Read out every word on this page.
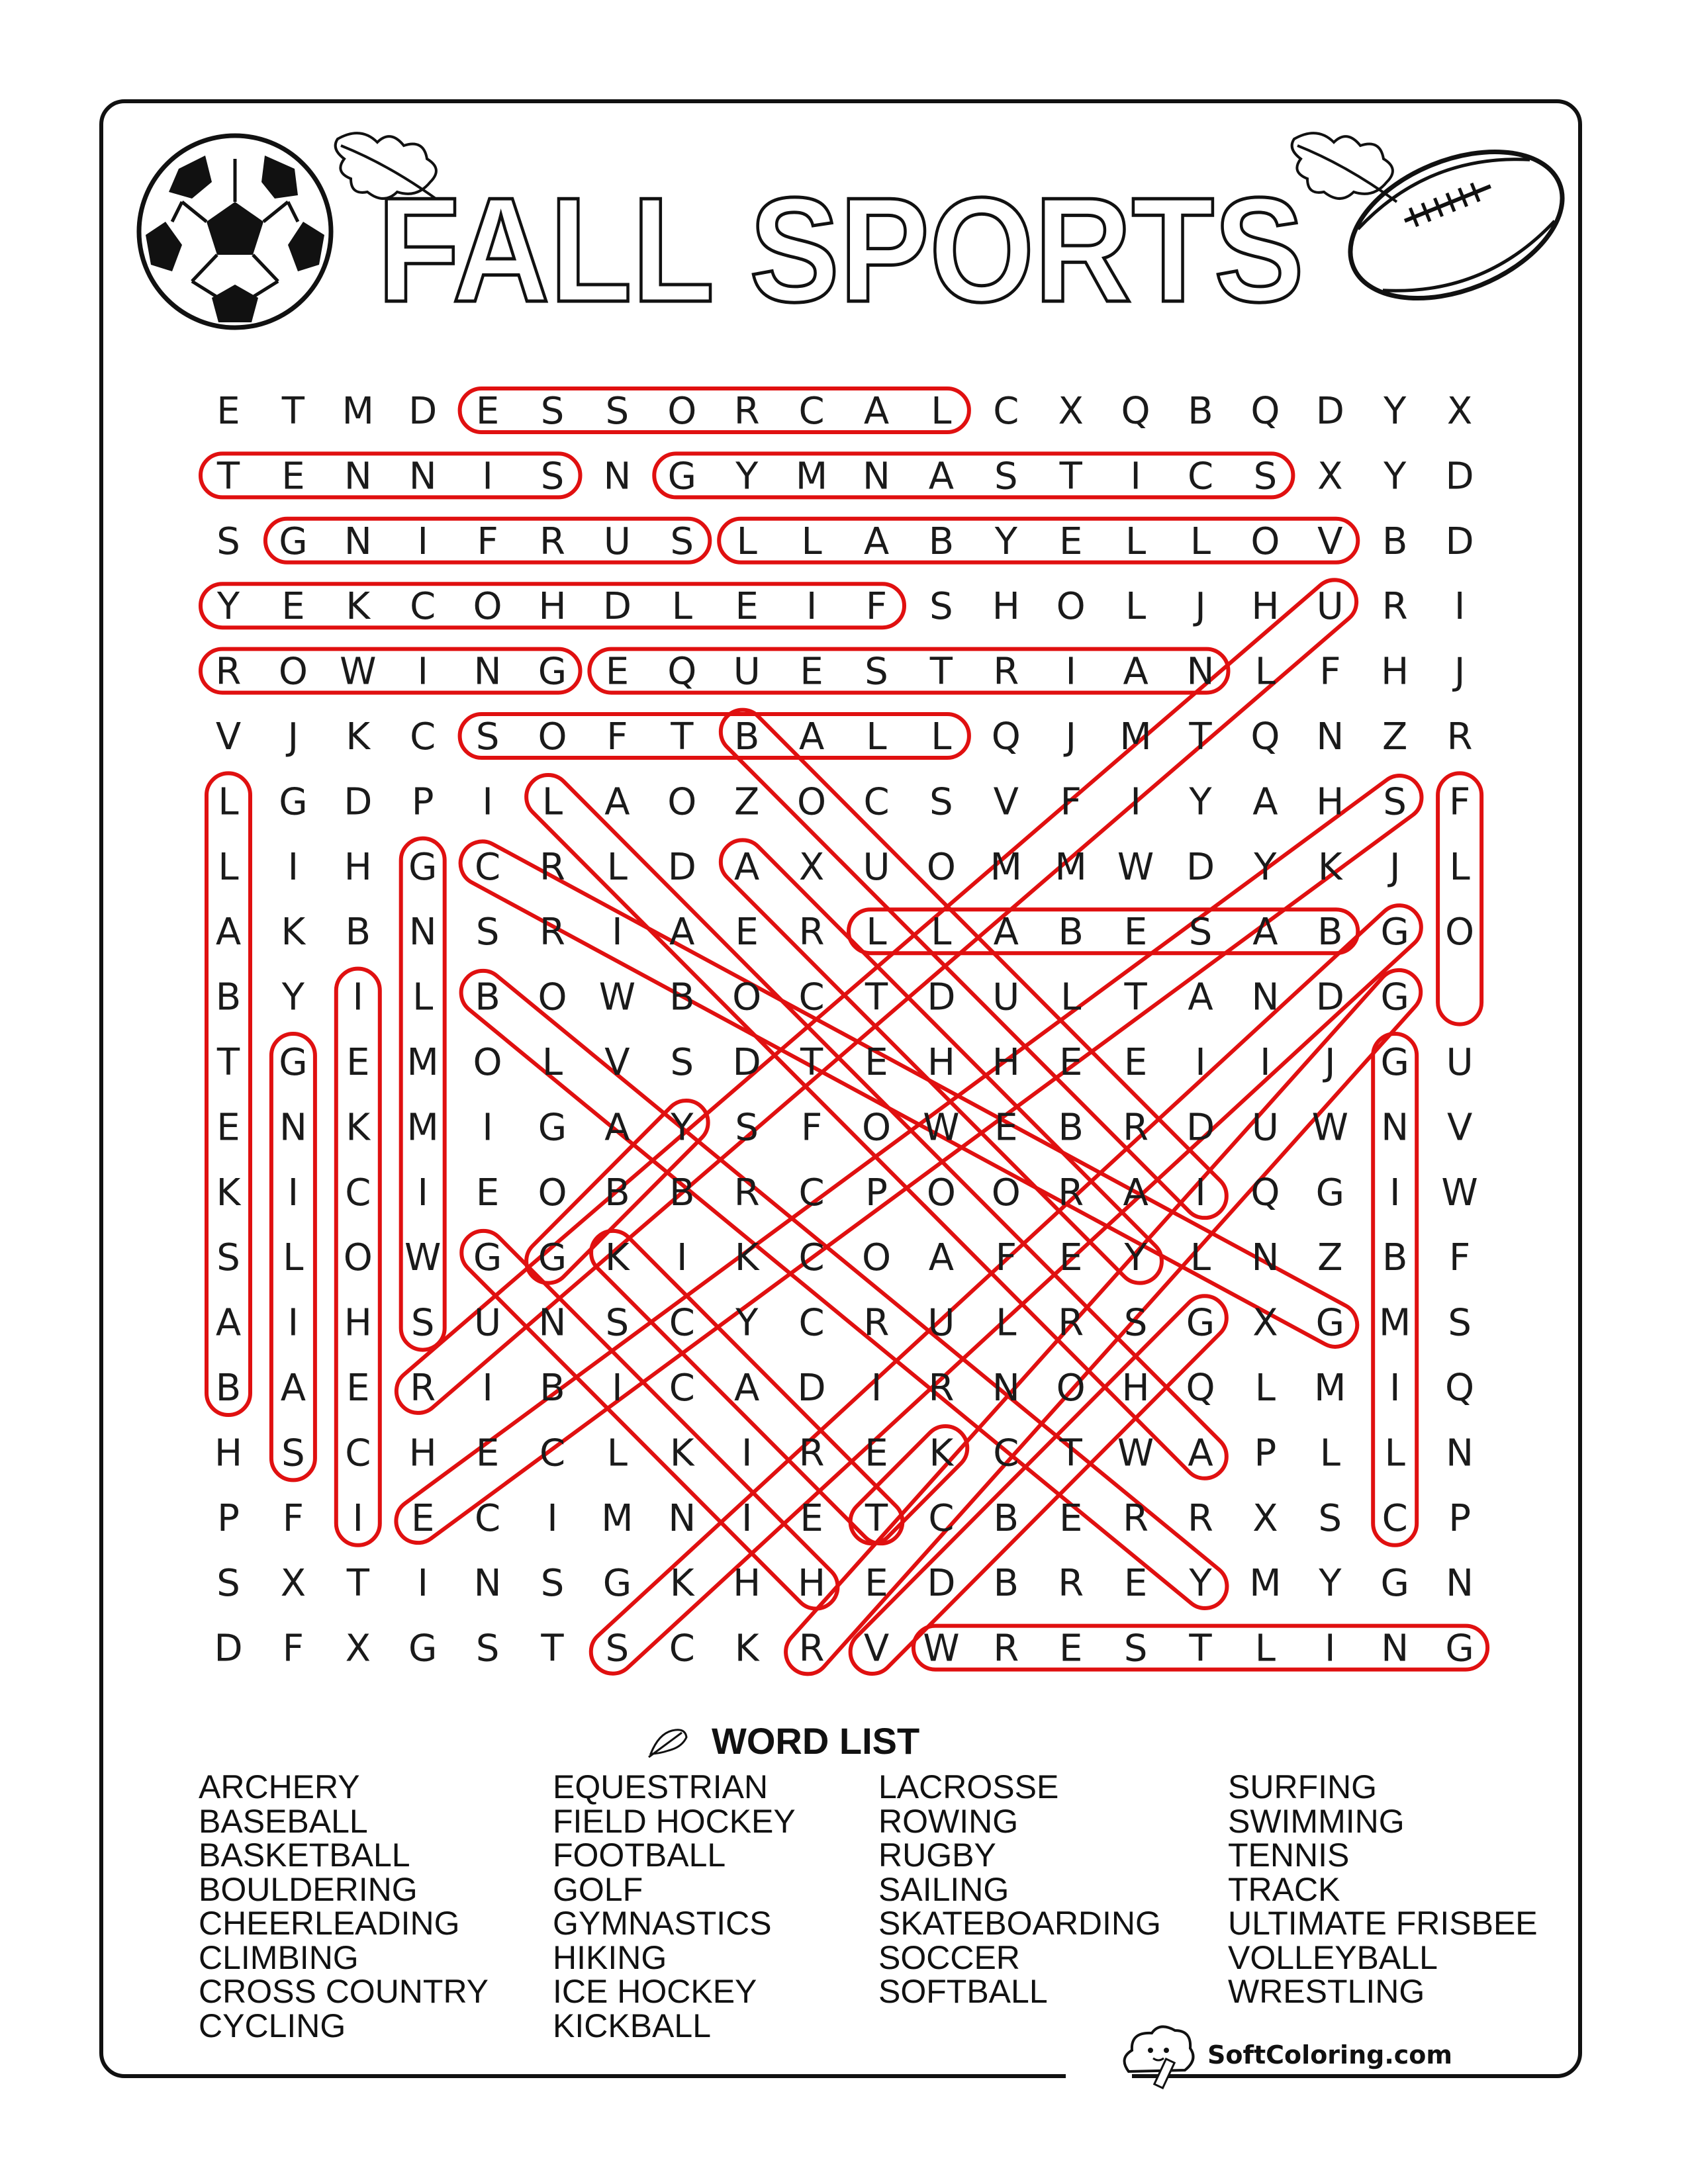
FALL SPORTS
E T M D E S S O R C A L C X Q B Q D Y X
T E N N I S N G Y M N A S T I C S X Y D
S G N I F R U S L L A B Y E L L O V B D
Y E K C O H D L E I F S H O L J H U R I
R O W I N G E Q U E S T R I A N L F H J
V J K C S O F T B A L L Q J M T Q N Z R
L G D P I L A O Z O C S V F I Y A H S F
L I H G C R L D A X U O M M W D Y K J L
A K B N S R I A E R L L A B E S A B G O
B Y I L B O W B O C T D U L T A N D G
T G E M O L V S D T E H H E E I I J G U
E N K M I G A Y S F O W E B R D U W N V
K I C I E O B B R C P O O R A I Q G I W
S L O W G G K I K C O A F E Y L N Z B F
A I H S U N S C Y C R U L R S G X G M S
B A E R I B I C A D I R N O H Q L M I Q
H S C H E C L K I R E K C T W A P L L N
P F I E C I M N I E T C B E R R X S C P
S X T I N S G K H H E D B R E Y M Y G N
D F X G S T S C K R V W R E S T L I N G
WORD LIST
ARCHERY
BASEBALL
BASKETBALL
BOULDERING
CHEERLEADING
CLIMBING
CROSS COUNTRY
CYCLING
EQUESTRIAN
FIELD HOCKEY
FOOTBALL
GOLF
GYMNASTICS
HIKING
ICE HOCKEY
KICKBALL
LACROSSE
ROWING
RUGBY
SAILING
SKATEBOARDING
SOCCER
SOFTBALL
SURFING
SWIMMING
TENNIS
TRACK
ULTIMATE FRISBEE
VOLLEYBALL
WRESTLING
SoftColoring.com
